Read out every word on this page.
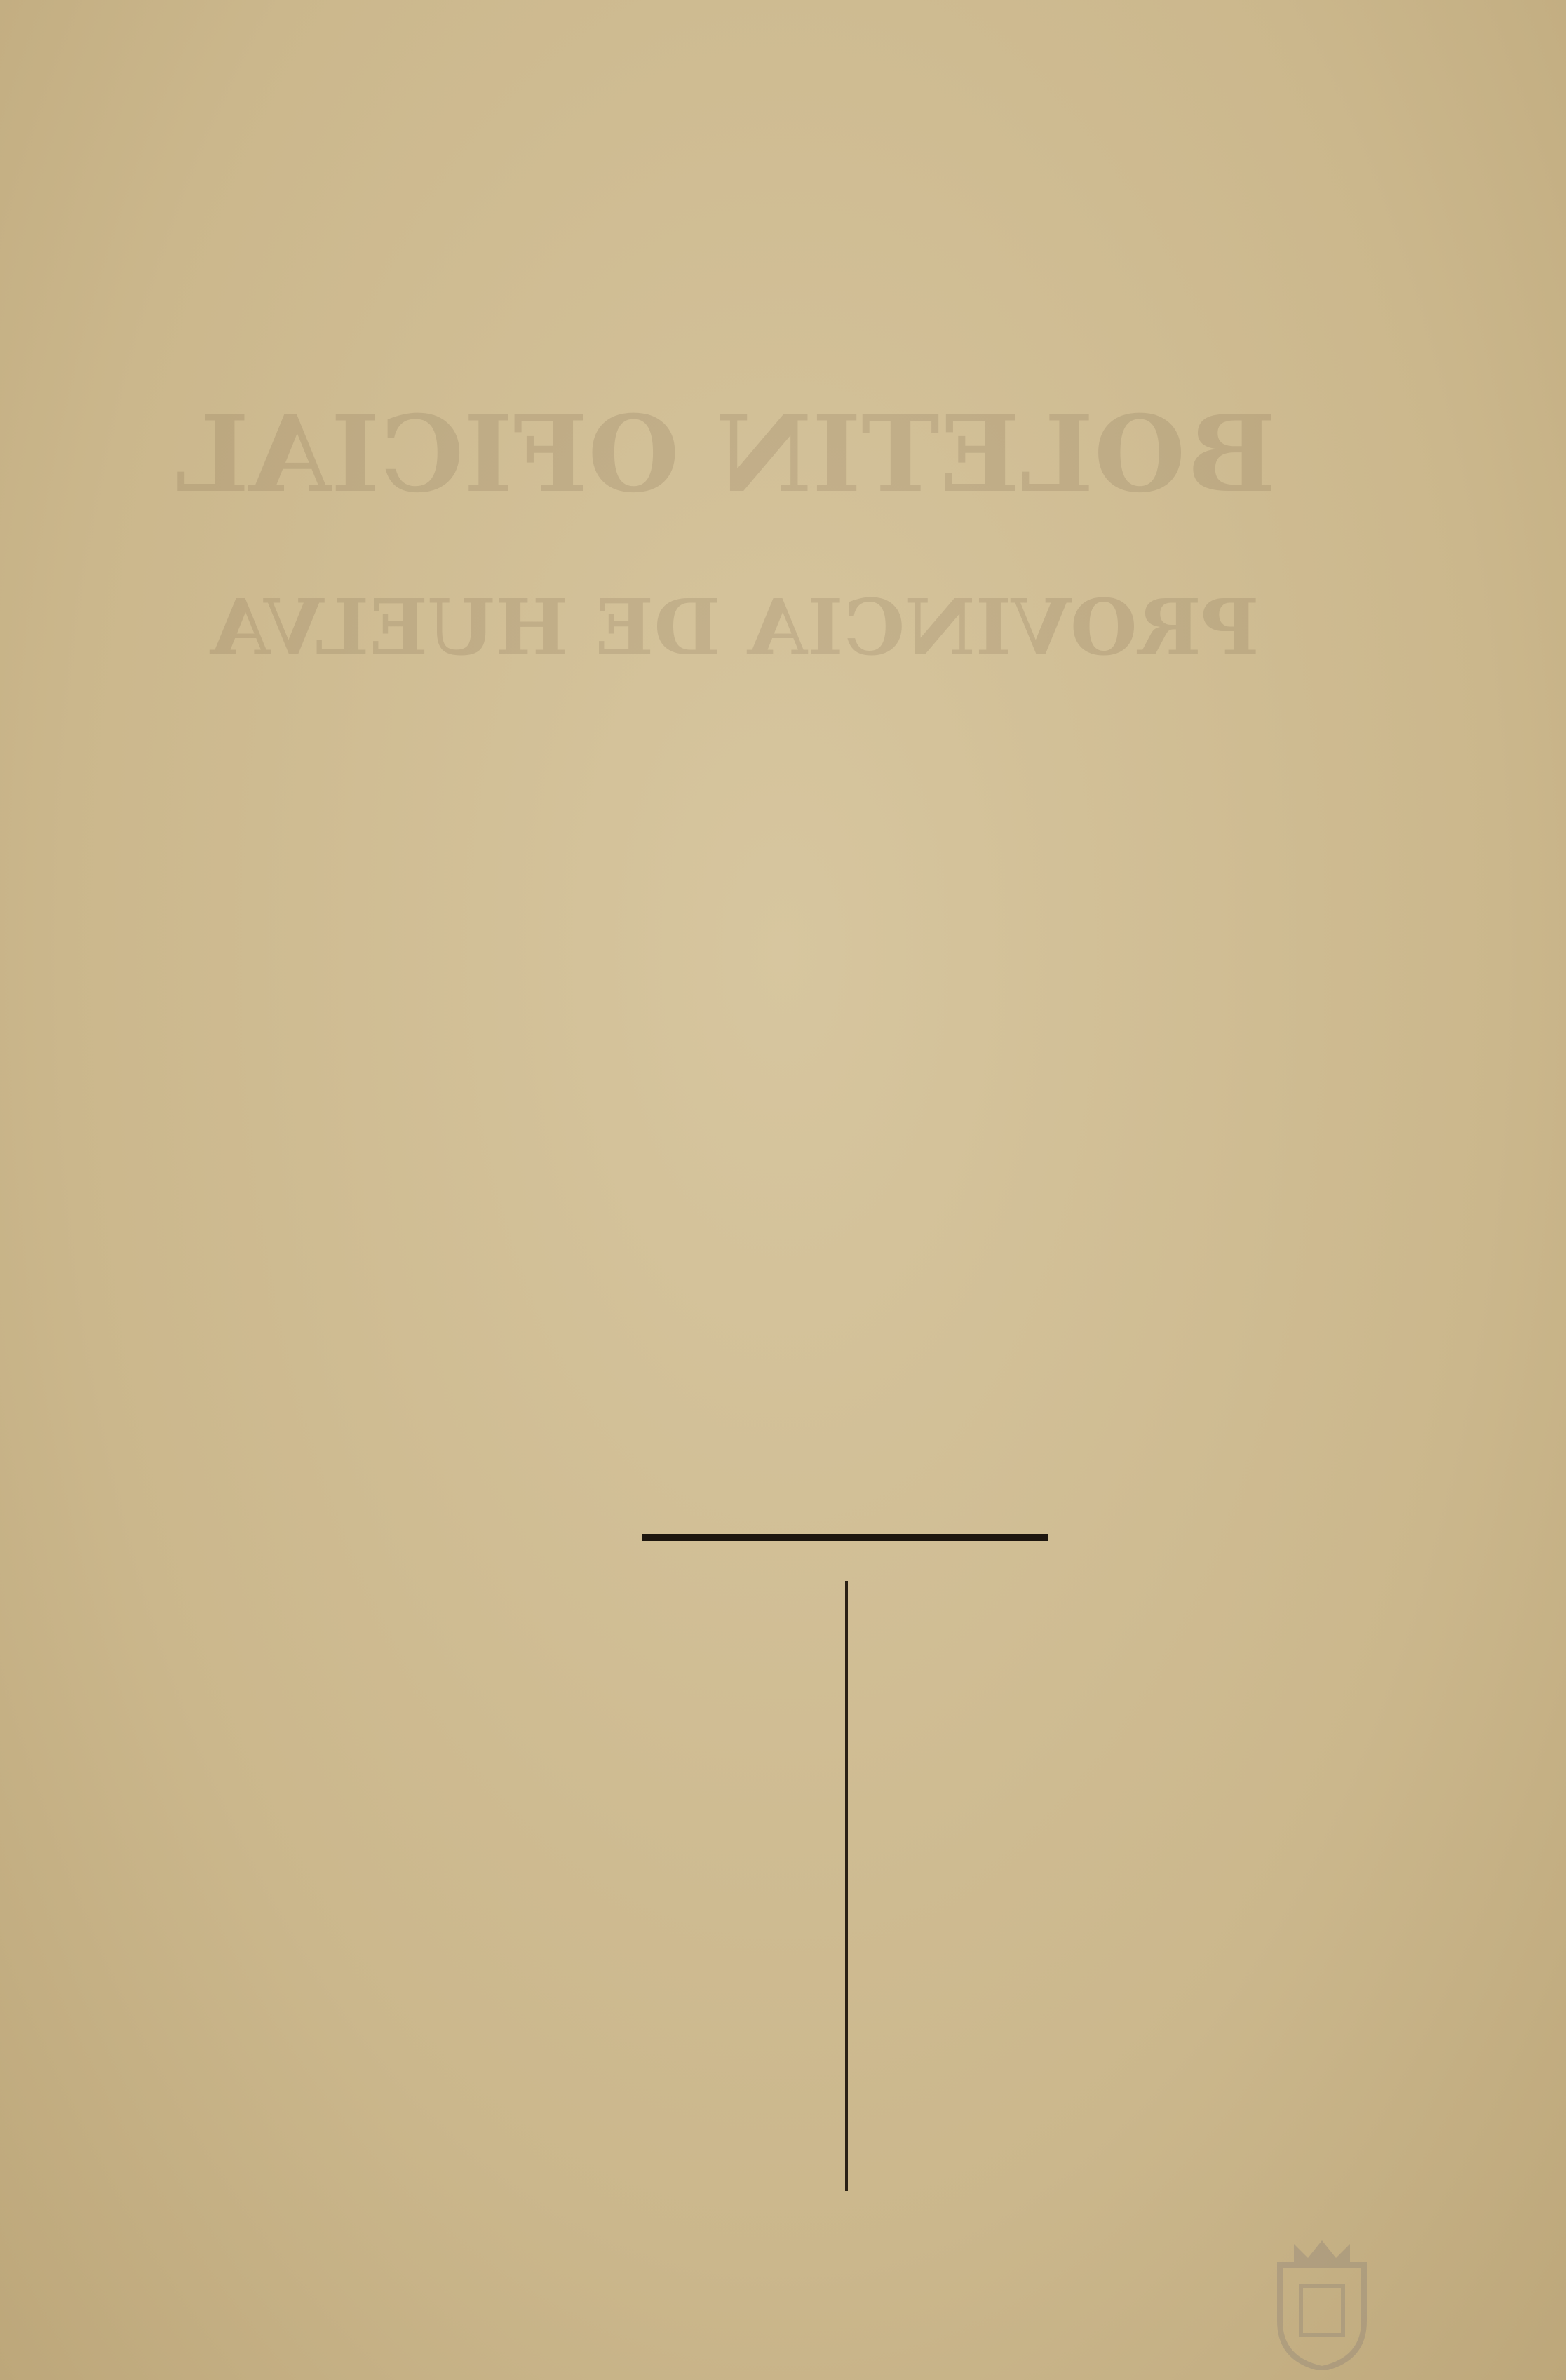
BOLETIN OFICIAL
PROVINCIA DE HUELVA
